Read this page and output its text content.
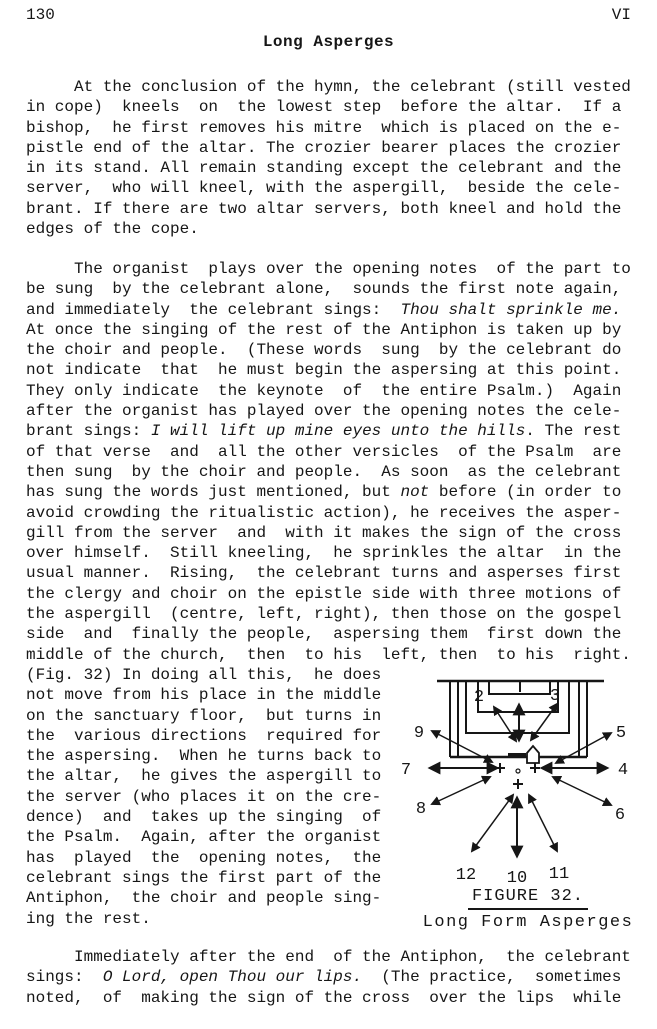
130	VI
Long Asperges
At the conclusion of the hymn, the celebrant (still vested
in cope)  kneels  on  the lowest step  before the altar.  If a
bishop,  he first removes his mitre  which is placed on the e-
pistle end of the altar. The crozier bearer places the crozier
in its stand. All remain standing except the celebrant and the
server,  who will kneel, with the aspergill,  beside the cele-
brant. If there are two altar servers, both kneel and hold the
edges of the cope.
The organist  plays over the opening notes  of the part to
be sung  by the celebrant alone,  sounds the first note again,
and immediately  the celebrant sings:  Thou shalt sprinkle me.
At once the singing of the rest of the Antiphon is taken up by
the choir and people.  (These words  sung  by the celebrant do
not indicate  that  he must begin the aspersing at this point.
They only indicate  the keynote  of  the entire Psalm.)  Again
after the organist has played over the opening notes the cele-
brant sings: I will lift up mine eyes unto the hills. The rest
of that verse  and  all the other versicles  of the Psalm  are
then sung  by the choir and people.  As soon  as the celebrant
has sung the words just mentioned, but not before (in order to
avoid crowding the ritualistic action), he receives the asper-
gill from the server  and  with it makes the sign of the cross
over himself.  Still kneeling,  he sprinkles the altar  in the
usual manner.  Rising,  the celebrant turns and asperses first
the clergy and choir on the epistle side with three motions of
the aspergill  (centre, left, right), then those on the gospel
side  and  finally the people,  aspersing them  first down the
middle of the church,  then  to his  left, then  to his  right.
(Fig. 32) In doing all this,  he does
not move from his place in the middle
on the sanctuary floor,  but turns in
the  various directions  required for
the aspersing.  When he turns back to
the altar,  he gives the aspergill to
the server (who places it on the cre-
dence)  and  takes up the singing  of
the Psalm.  Again, after the organist
has  played  the  opening notes,  the
celebrant sings the first part of the
Antiphon,  the choir and people sing-
ing the rest.
Immediately after the end  of the Antiphon,  the celebrant
sings:  O Lord, open Thou our lips.  (The practice,  sometimes
noted,  of  making the sign of the cross  over the lips  while
2	3
4
5
6
7
8
9
10 11
12
FIGURE 32.
Long Form Asperges
